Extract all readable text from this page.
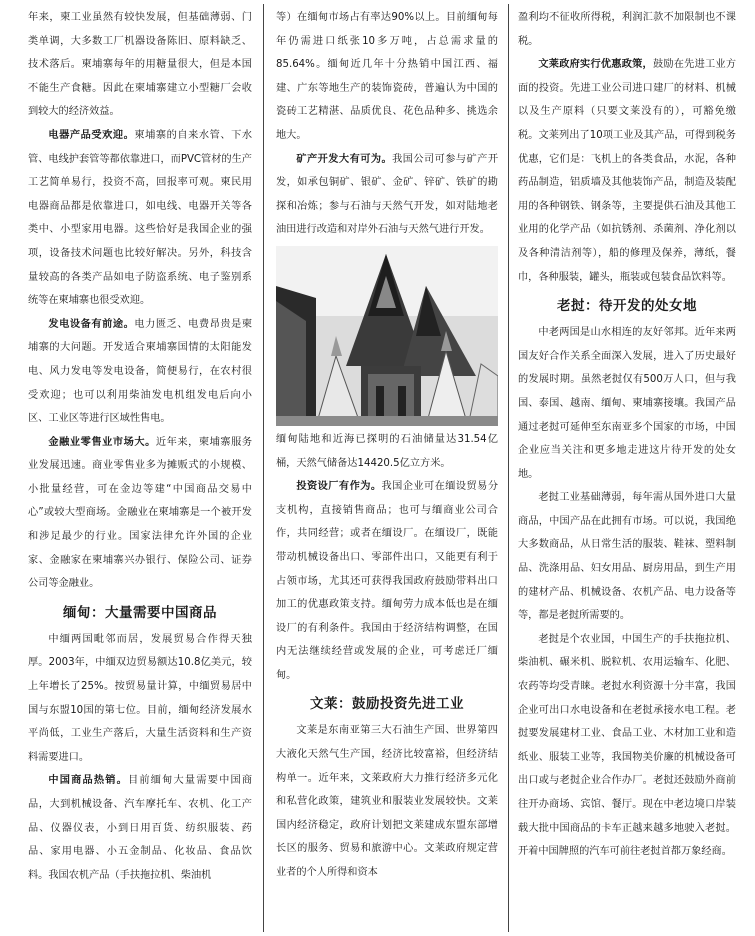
年来，柬工业虽然有较快发展，但基础薄弱、门类单调，大多数工厂机器设备陈旧、原料缺乏、技术落后。柬埔寨每年的用糖量很大，但是本国不能生产食糖。因此在柬埔寨建立小型糖厂会收到较大的经济效益。

电器产品受欢迎。柬埔寨的自来水管、下水管、电线护套管等都依靠进口，而PVC管材的生产工艺简单易行，投资不高，回报率可观。柬民用电器商品都是依靠进口，如电线、电器开关等各类中、小型家用电器。这些恰好是我国企业的强项，设备技术问题也比较好解决。另外，科技含量较高的各类产品如电子防盗系统、电子鉴别系统等在柬埔寨也很受欢迎。

发电设备有前途。电力匮乏、电费昂贵是柬埔寨的大问题。开发适合柬埔寨国情的太阳能发电、风力发电等发电设备，简便易行，在农村很受欢迎；也可以利用柴油发电机组发电后向小区、工业区等进行区域性售电。

金融业零售业市场大。近年来，柬埔寨服务业发展迅速。商业零售业多为摊贩式的小规模、小批量经营，可在金边等建“中国商品交易中心”或较大型商场。金融业在柬埔寨是一个被开发和涉足最少的行业。国家法律允许外国的企业家、金融家在柬埔寨兴办银行、保险公司、证券公司等金融业。

缅甸：大量需要中国商品

中缅两国毗邻而居，发展贸易合作得天独厚。2003年，中缅双边贸易额达10.8亿美元，较上年增长了25%。按贸易量计算，中缅贸易居中国与东盟10国的第七位。目前，缅甸经济发展水平尚低，工业生产落后，大量生活资料和生产资料需要进口。

中国商品热销。目前缅甸大量需要中国商品，大到机械设备、汽车摩托车、农机、化工产品、仪器仪表，小到日用百货、纺织服装、药品、家用电器、小五金制品、化妆品、食品饮料。我国农机产品（手扶拖拉机、柴油机

等）在缅甸市场占有率达90%以上。目前缅甸每年仍需进口纸张10多万吨，占总需求量的85.64%。缅甸近几年十分热销中国江西、福建、广东等地生产的装饰瓷砖，普遍认为中国的瓷砖工艺精湛、品质优良、花色品种多、挑选余地大。

矿产开发大有可为。我国公司可参与矿产开发，如承包铜矿、银矿、金矿、锌矿、铁矿的勘探和冶炼；参与石油与天然气开发，如对陆地老油田进行改造和对岸外石油与天然气进行开发。

缅甸陆地和近海已探明的石油储量达31.54亿桶，天然气储备达14420.5亿立方米。

投资设厂有作为。我国企业可在缅设贸易分支机构，直接销售商品；也可与缅商业公司合作，共同经营；或者在缅设厂。在缅设厂，既能带动机械设备出口、零部件出口，又能更有利于占领市场，尤其还可获得我国政府鼓励带料出口加工的优惠政策支持。缅甸劳力成本低也是在缅设厂的有利条件。我国由于经济结构调整，在国内无法继续经营或发展的企业，可考虑迁厂缅甸。

文莱：鼓励投资先进工业

文莱是东南亚第三大石油生产国、世界第四大液化天然气生产国，经济比较富裕，但经济结构单一。近年来，文莱政府大力推行经济多元化和私营化政策，建筑业和服装业发展较快。文莱国内经济稳定，政府计划把文莱建成东盟东部增长区的服务、贸易和旅游中心。文莱政府规定营业者的个人所得和资本

盈利均不征收所得税，利润汇款不加限制也不课税。

文莱政府实行优惠政策，鼓励在先进工业方面的投资。先进工业公司进口建厂的材料、机械以及生产原料（只要文莱没有的），可豁免缴税。文莱列出了10项工业及其产品，可得到税务优惠，它们是：飞机上的各类食品，水泥，各种药品制造，铝质墙及其他装饰产品，制造及装配用的各种钢铁、钢条等，主要提供石油及其他工业用的化学产品（如抗锈剂、杀菌剂、净化剂以及各种清洁剂等），船的修理及保养，薄纸，餐巾，各种服装，罐头，瓶装或包装食品饮料等。

老挝：待开发的处女地

中老两国是山水相连的友好邻邦。近年来两国友好合作关系全面深入发展，进入了历史最好的发展时期。虽然老挝仅有500万人口，但与我国、泰国、越南、缅甸、柬埔寨接壤。我国产品通过老挝可延伸至东南亚多个国家的市场，中国企业应当关注和更多地走进这片待开发的处女地。

老挝工业基础薄弱，每年需从国外进口大量商品，中国产品在此拥有市场。可以说，我国绝大多数商品，从日常生活的服装、鞋袜、塑料制品、洗涤用品、妇女用品、厨房用品，到生产用的建材产品、机械设备、农机产品、电力设备等等，都是老挝所需要的。

老挝是个农业国，中国生产的手扶拖拉机、柴油机、碾米机、脱粒机、农用运输车、化肥、农药等均受青睐。老挝水利资源十分丰富，我国企业可出口水电设备和在老挝承接水电工程。老挝要发展建材工业、食品工业、木材加工业和造纸业、服装工业等，我国物美价廉的机械设备可出口或与老挝企业合作办厂。老挝还鼓励外商前往开办商场、宾馆、餐厅。现在中老边境口岸装载大批中国商品的卡车正越来越多地驶入老挝。开着中国牌照的汽车可前往老挝首都万象经商。
